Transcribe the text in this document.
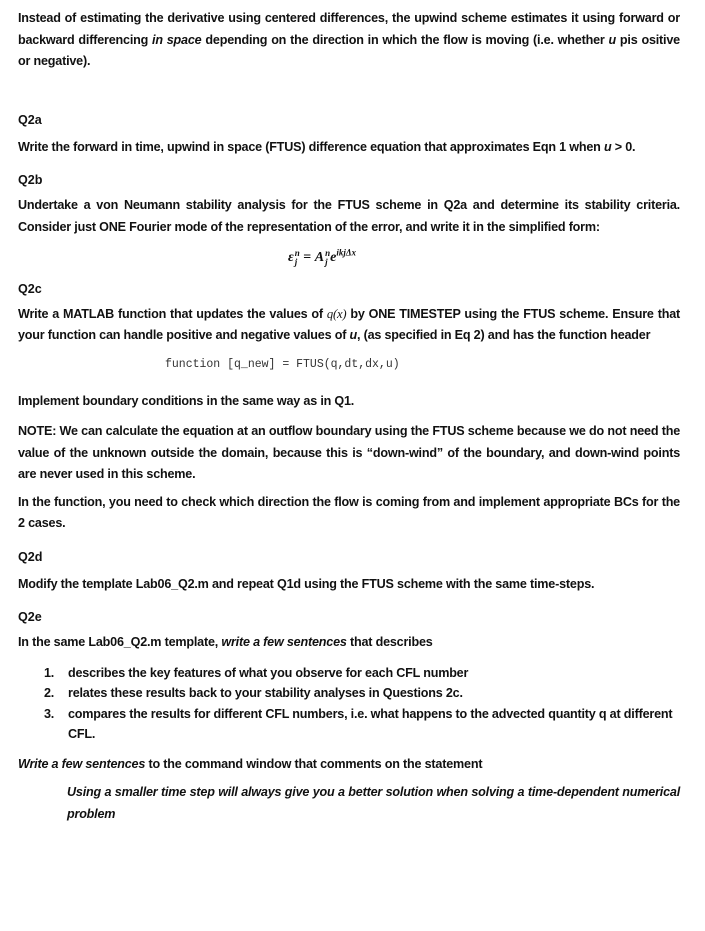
Instead of estimating the derivative using centered differences, the upwind scheme estimates it using forward or backward differencing in space depending on the direction in which the flow is moving (i.e. whether u pis ositive or negative).
Q2a
Write the forward in time, upwind in space (FTUS) difference equation that approximates Eqn 1 when u > 0.
Q2b
Undertake a von Neumann stability analysis for the FTUS scheme in Q2a and determine its stability criteria. Consider just ONE Fourier mode of the representation of the error, and write it in the simplified form:
ε n
j = A n
j $e^{ikj\Delta x}$
Q2c
Write a MATLAB function that updates the values of q(x) by ONE TIMESTEP using the FTUS scheme. Ensure that your function can handle positive and negative values of u, (as specified in Eq 2) and has the function header
function [q_new] = FTUS(q,dt,dx,u)
Implement boundary conditions in the same way as in Q1.
NOTE: We can calculate the equation at an outflow boundary using the FTUS scheme because we do not need the value of the unknown outside the domain, because this is “down-wind” of the boundary, and down-wind points are never used in this scheme.
In the function, you need to check which direction the flow is coming from and implement appropriate BCs for the 2 cases.
Q2d
Modify the template Lab06_Q2.m and repeat Q1d using the FTUS scheme with the same time-steps.
Q2e
In the same Lab06_Q2.m template, write a few sentences that describes
1.	describes the key features of what you observe for each CFL number
2.	relates these results back to your stability analyses in Questions 2c.
3.	compares the results for different CFL numbers, i.e. what happens to the advected quantity q at different CFL.
Write a few sentences to the command window that comments on the statement
Using a smaller time step will always give you a better solution when solving a time-dependent numerical problem
